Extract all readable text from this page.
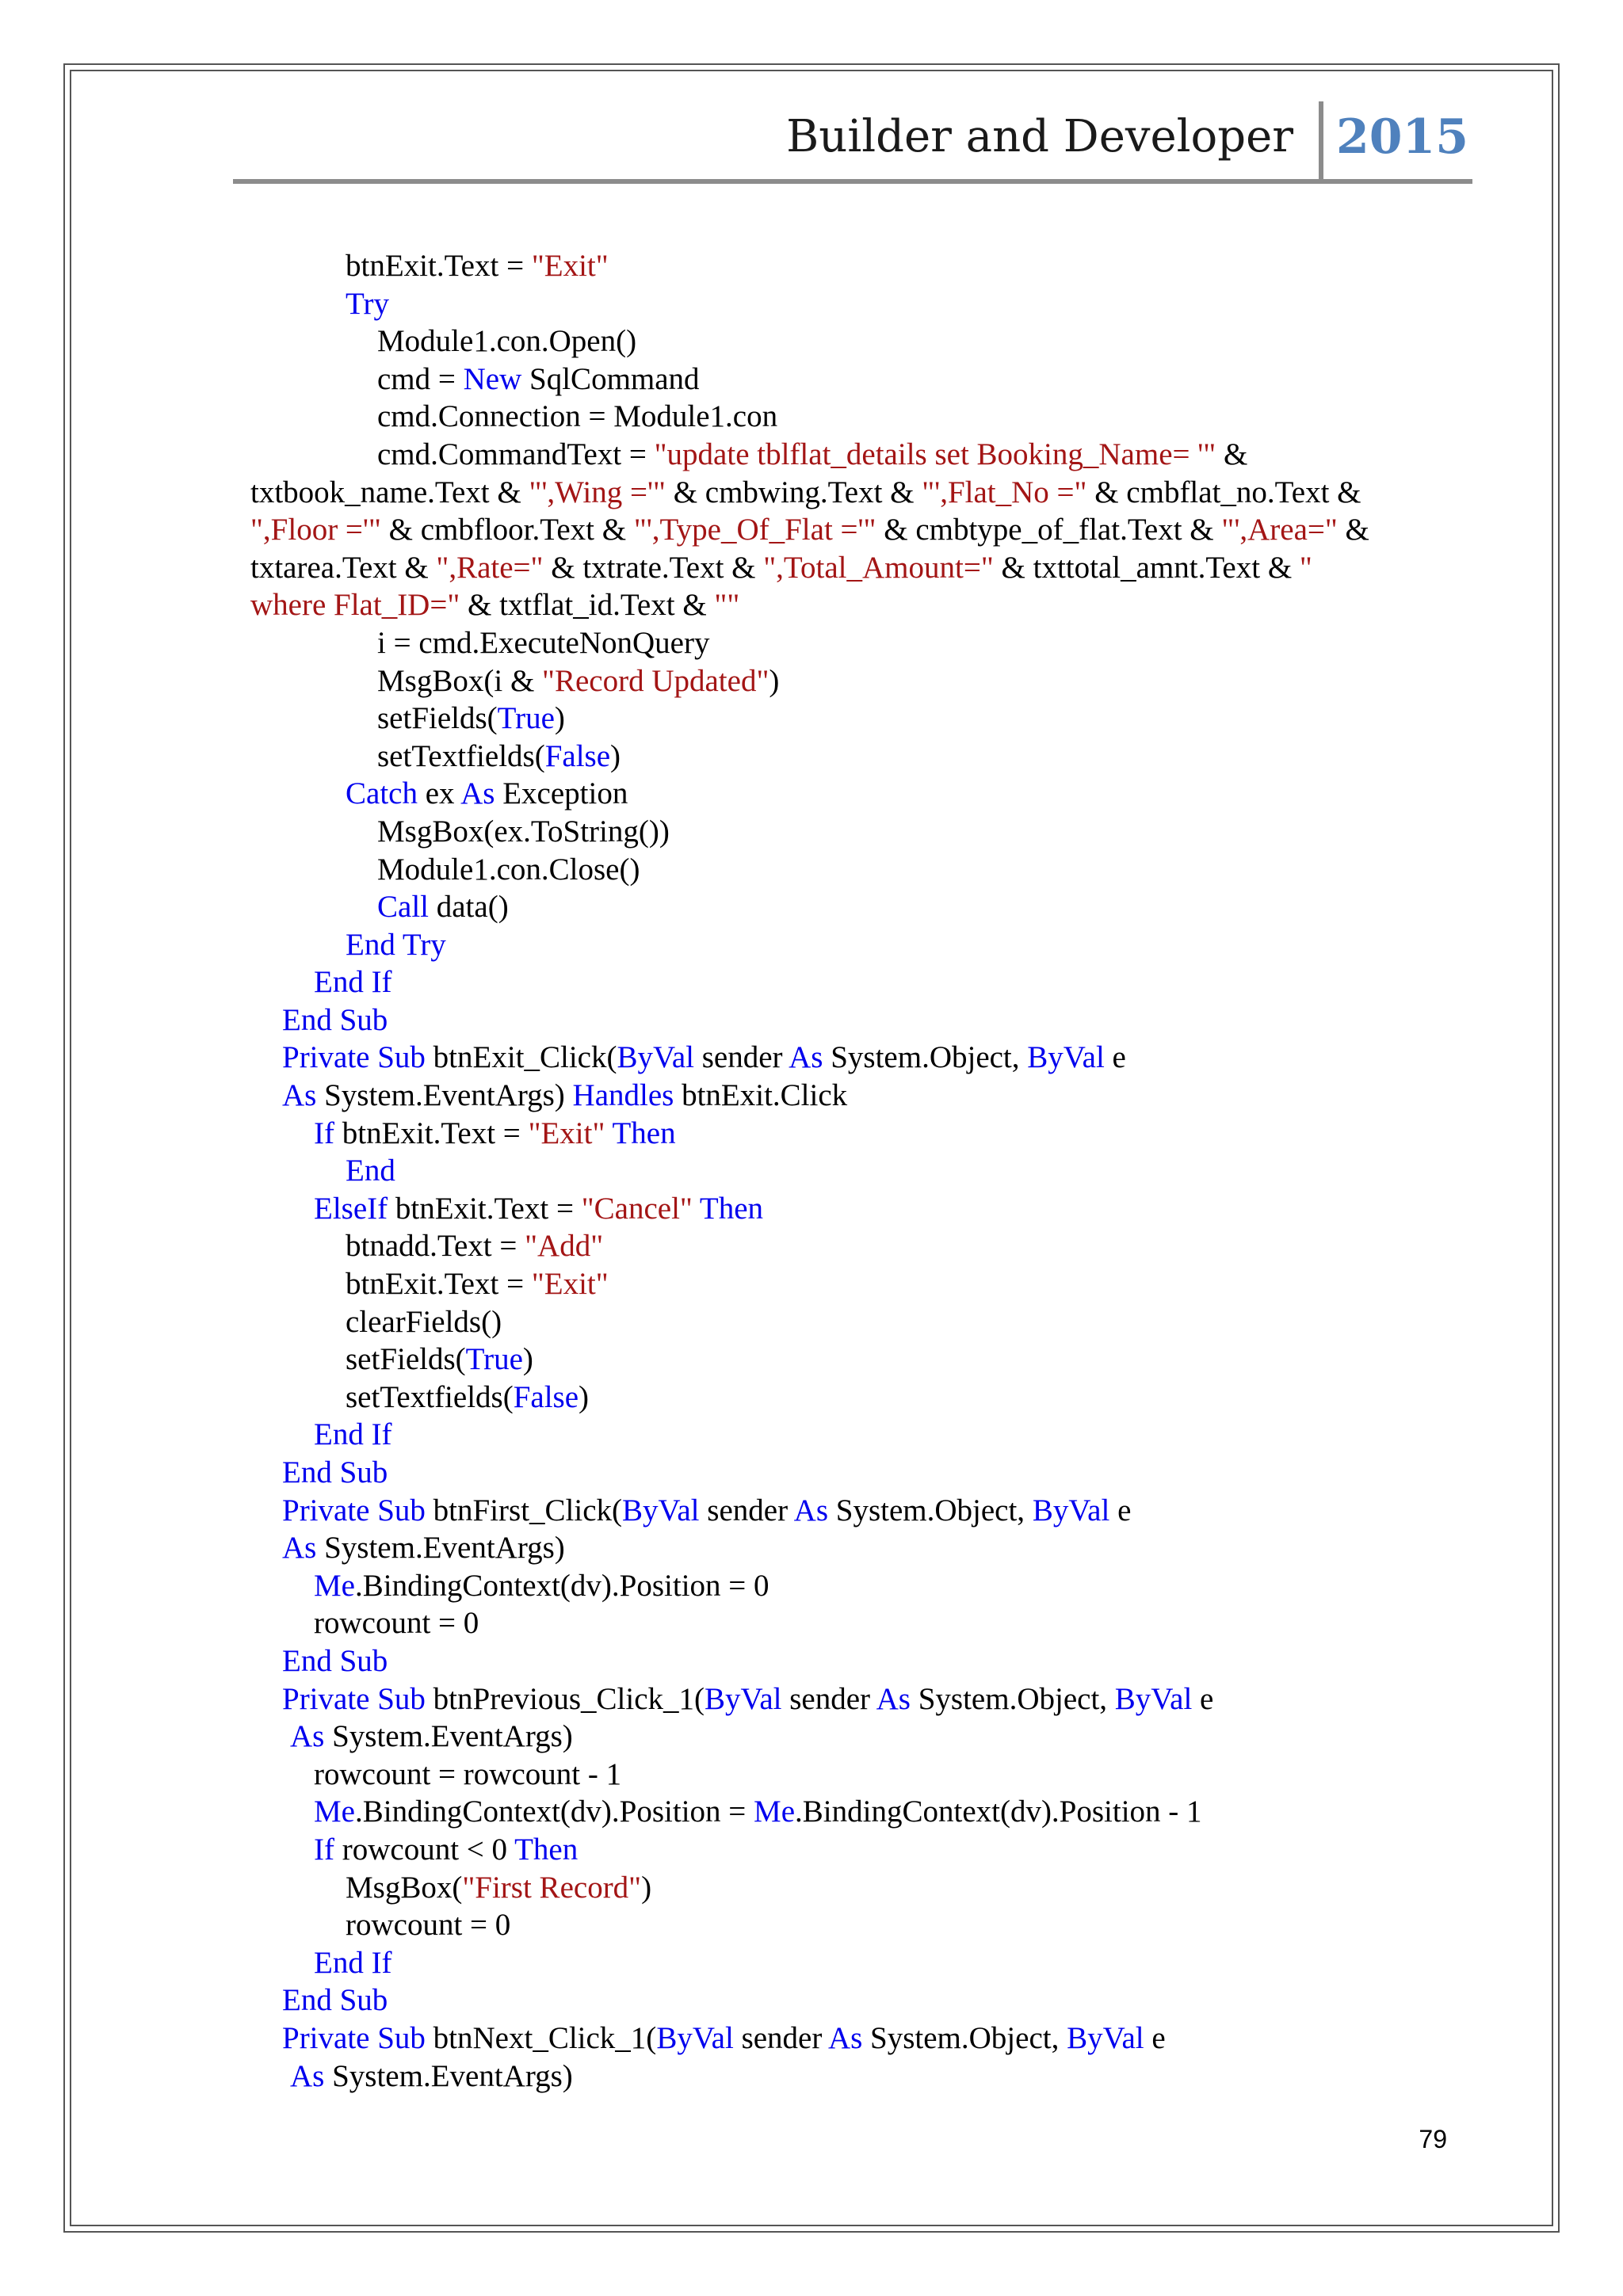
Builder and Developer 2015
btnExit.Text = "Exit"
Try
Module1.con.Open()
cmd = New SqlCommand
cmd.Connection = Module1.con
cmd.CommandText = "update tblflat_details set Booking_Name= '" &
txtbook_name.Text & "',Wing ='" & cmbwing.Text & "',Flat_No =" & cmbflat_no.Text &
",Floor ='" & cmbfloor.Text & "',Type_Of_Flat ='" & cmbtype_of_flat.Text & "',Area=" &
txtarea.Text & ",Rate=" & txtrate.Text & ",Total_Amount=" & txttotal_amnt.Text & "
where Flat_ID=" & txtflat_id.Text & ""
i = cmd.ExecuteNonQuery
MsgBox(i & "Record Updated")
setFields(True)
setTextfields(False)
Catch ex As Exception
MsgBox(ex.ToString())
Module1.con.Close()
Call data()
End Try
End If
End Sub
Private Sub btnExit_Click(ByVal sender As System.Object, ByVal e
As System.EventArgs) Handles btnExit.Click
If btnExit.Text = "Exit" Then
End
ElseIf btnExit.Text = "Cancel" Then
btnadd.Text = "Add"
btnExit.Text = "Exit"
clearFields()
setFields(True)
setTextfields(False)
End If
End Sub
Private Sub btnFirst_Click(ByVal sender As System.Object, ByVal e
As System.EventArgs)
Me.BindingContext(dv).Position = 0
rowcount = 0
End Sub
Private Sub btnPrevious_Click_1(ByVal sender As System.Object, ByVal e
As System.EventArgs)
rowcount = rowcount - 1
Me.BindingContext(dv).Position = Me.BindingContext(dv).Position - 1
If rowcount < 0 Then
MsgBox("First Record")
rowcount = 0
End If
End Sub
Private Sub btnNext_Click_1(ByVal sender As System.Object, ByVal e
As System.EventArgs)
79
